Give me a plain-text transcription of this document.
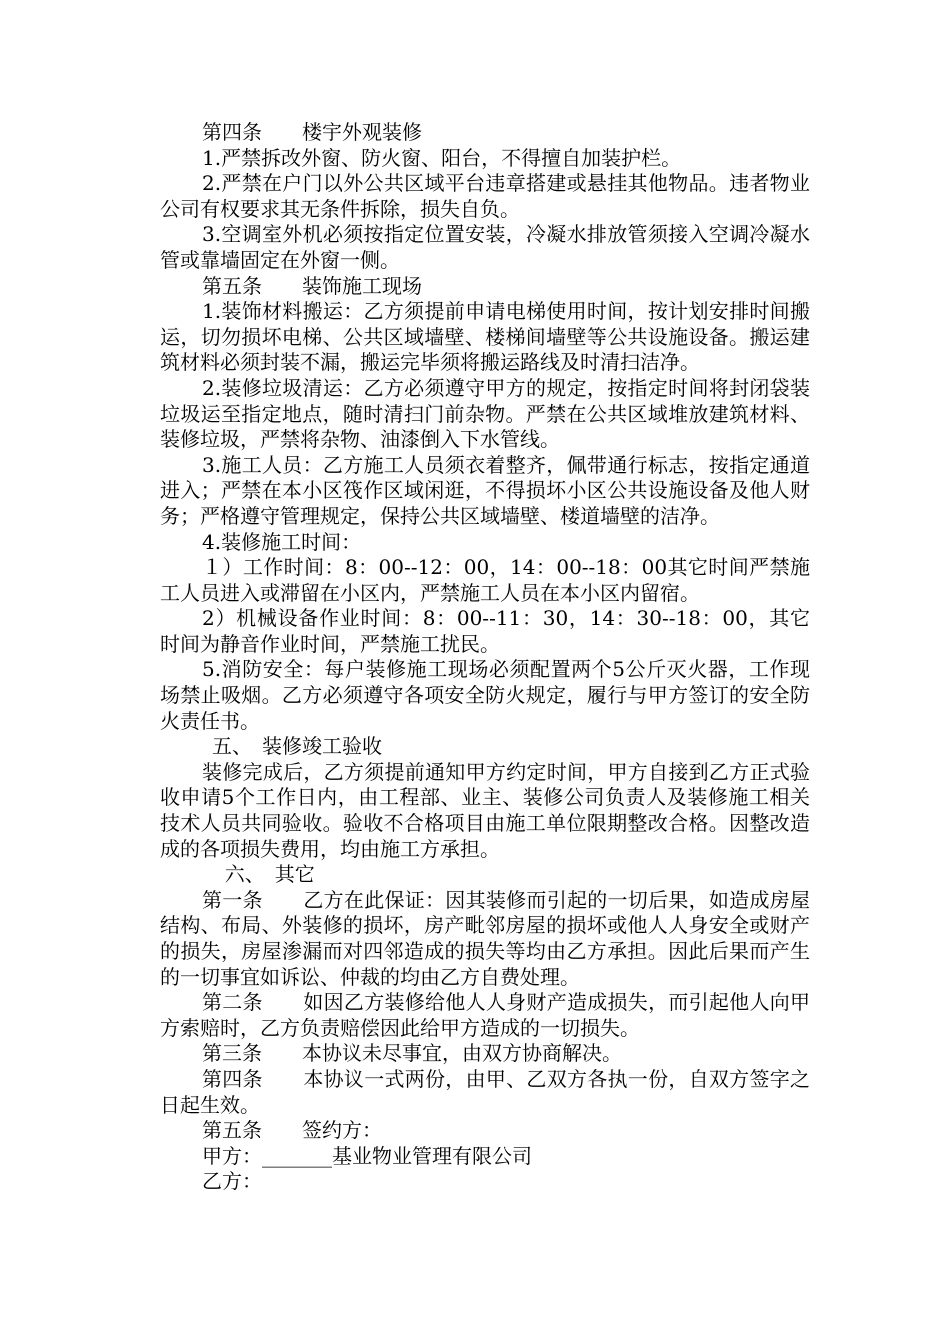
第四条　　楼宇外观装修

1.严禁拆改外窗、防火窗、阳台，不得擅自加装护栏。

2.严禁在户门以外公共区域平台违章搭建或悬挂其他物品。违者物业公司有权要求其无条件拆除，损失自负。

3.空调室外机必须按指定位置安装，冷凝水排放管须接入空调冷凝水管或靠墙固定在外窗一侧。

第五条　　装饰施工现场

1.装饰材料搬运：乙方须提前申请电梯使用时间，按计划安排时间搬运，切勿损坏电梯、公共区域墙壁、楼梯间墙壁等公共设施设备。搬运建筑材料必须封装不漏，搬运完毕须将搬运路线及时清扫洁净。

2.装修垃圾清运：乙方必须遵守甲方的规定，按指定时间将封闭袋装垃圾运至指定地点，随时清扫门前杂物。严禁在公共区域堆放建筑材料、装修垃圾，严禁将杂物、油漆倒入下水管线。

3.施工人员：乙方施工人员须衣着整齐，佩带通行标志，按指定通道进入；严禁在本小区筏作区域闲逛，不得损坏小区公共设施设备及他人财务；严格遵守管理规定，保持公共区域墙壁、楼道墙壁的洁净。

4.装修施工时间：

１）工作时间：8：00--12：00，14：00--18：00其它时间严禁施工人员进入或滞留在小区内，严禁施工人员在本小区内留宿。

2）机械设备作业时间：8：00--11：30，14：30--18：00，其它时间为静音作业时间，严禁施工扰民。

5.消防安全：每户装修施工现场必须配置两个5公斤灭火器，工作现场禁止吸烟。乙方必须遵守各项安全防火规定，履行与甲方签订的安全防火责任书。

五、　装修竣工验收

装修完成后，乙方须提前通知甲方约定时间，甲方自接到乙方正式验收申请5个工作日内，由工程部、业主、装修公司负责人及装修施工相关技术人员共同验收。验收不合格项目由施工单位限期整改合格。因整改造成的各项损失费用，均由施工方承担。

六、　其它

第一条　　乙方在此保证：因其装修而引起的一切后果，如造成房屋结构、布局、外装修的损坏，房产毗邻房屋的损坏或他人人身安全或财产的损失，房屋渗漏而对四邻造成的损失等均由乙方承担。因此后果而产生的一切事宜如诉讼、仲裁的均由乙方自费处理。

第二条　　如因乙方装修给他人人身财产造成损失，而引起他人向甲方索赔时，乙方负责赔偿因此给甲方造成的一切损失。

第三条　　本协议未尽事宜，由双方协商解决。

第四条　　本协议一式两份，由甲、乙双方各执一份，自双方签字之日起生效。

第五条　　签约方：

甲方：_______基业物业管理有限公司

乙方：
